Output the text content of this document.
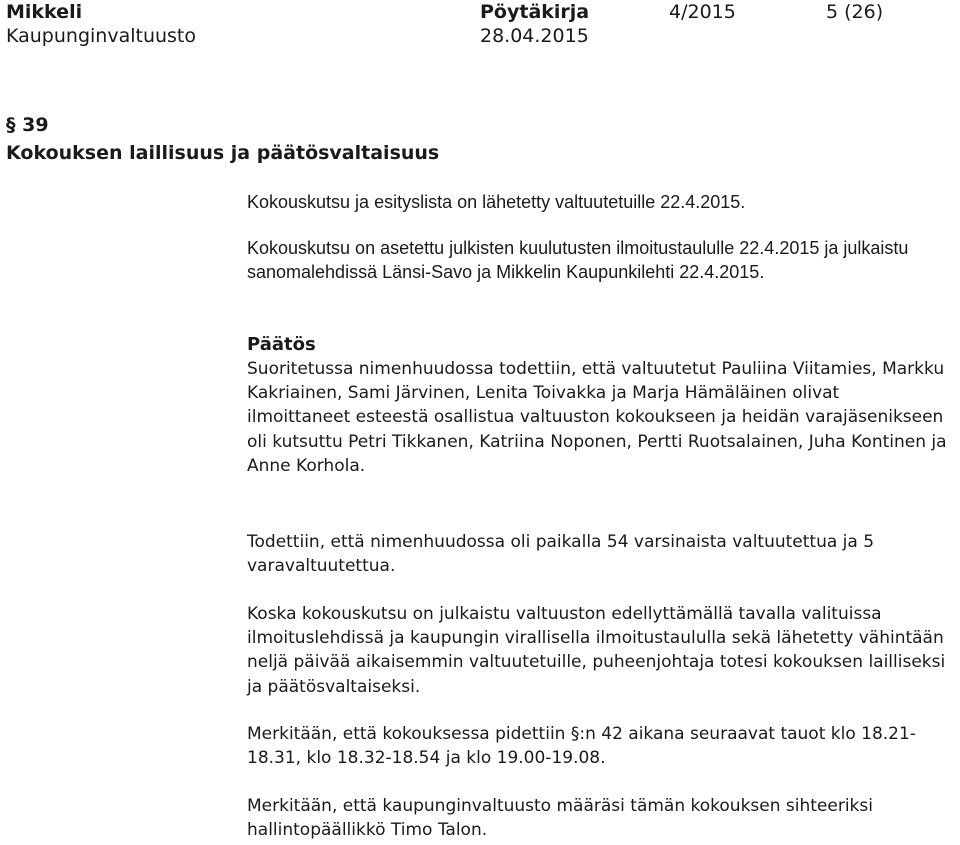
Mikkeli
Kaupunginvaltuusto
Pöytäkirja
28.04.2015
4/2015	5 (26)
§ 39
Kokouksen laillisuus ja päätösvaltaisuus

Kokouskutsu ja esityslista on lähetetty valtuutetuille 22.4.2015.

Kokouskutsu on asetettu julkisten kuulutusten ilmoitustaululle 22.4.2015 ja julkaistu sanomalehdissä Länsi-Savo ja Mikkelin Kaupunkilehti 22.4.2015.

Päätös

Suoritetussa nimenhuudossa todettiin, että valtuutetut Pauliina Viitamies, Markku Kakriainen, Sami Järvinen, Lenita Toivakka ja Marja Hämäläinen olivat ilmoittaneet esteestä osallistua valtuuston kokoukseen ja heidän varajäsenikseen oli kutsuttu Petri Tikkanen, Katriina Noponen, Pertti Ruotsalainen, Juha Kontinen ja Anne Korhola.

Todettiin, että nimenhuudossa oli paikalla 54 varsinaista valtuutettua ja 5 varavaltuutettua.

Koska kokouskutsu on julkaistu valtuuston edellyttämällä tavalla valituissa ilmoituslehdissä ja kaupungin virallisella ilmoitustaululla sekä lähetetty vähintään neljä päivää aikaisemmin valtuutetuille, puheenjohtaja totesi kokouksen lailliseksi ja päätösvaltaiseksi.

Merkitään, että kokouksessa pidettiin §:n 42 aikana seuraavat tauot klo 18.21-18.31, klo 18.32-18.54 ja klo 19.00-19.08.

Merkitään, että kaupunginvaltuusto määräsi tämän kokouksen sihteeriksi hallintopäällikkö Timo Talon.
